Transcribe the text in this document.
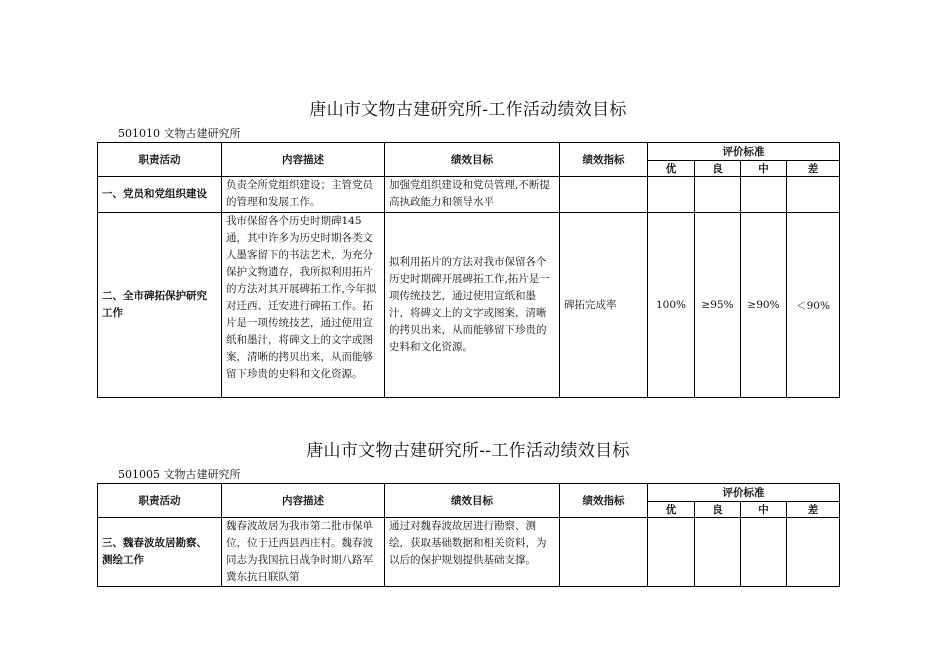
唐山市文物古建研究所-工作活动绩效目标
501010 文物古建研究所
职责活动	内容描述	绩效目标	绩效指标	评价标准			
				优	良	中	差
一、党员和党组织建设	负责全所党组织建设；主管党员的管理和发展工作。	加强党组织建设和党员管理,不断提高执政能力和领导水平					
二、全市碑拓保护研究工作	我市保留各个历史时期碑145通，其中许多为历史时期各类文人墨客留下的书法艺术，为充分保护文物遗存，我所拟利用拓片的方法对其开展碑拓工作,今年拟对迁西、迁安进行碑拓工作。拓片是一项传统技艺，通过使用宣纸和墨汁，将碑文上的文字或图案，清晰的拷贝出来，从而能够留下珍贵的史料和文化资源。	拟利用拓片的方法对我市保留各个历史时期碑开展碑拓工作,拓片是一项传统技艺，通过使用宣纸和墨汁，将碑文上的文字或图案，清晰的拷贝出来，从而能够留下珍贵的史料和文化资源。	碑拓完成率	100%	≥95%	≥90%	＜90%
唐山市文物古建研究所--工作活动绩效目标
501005 文物古建研究所
职责活动	内容描述	绩效目标	绩效指标	评价标准			
				优	良	中	差
三、魏春波故居勘察、测绘工作	魏春波故居为我市第二批市保单位，位于迁西县西庄村。魏春波同志为我国抗日战争时期八路军冀东抗日联队第	通过对魏春波故居进行勘察、测绘，获取基础数据和相关资料，为以后的保护规划提供基础支撑。					
